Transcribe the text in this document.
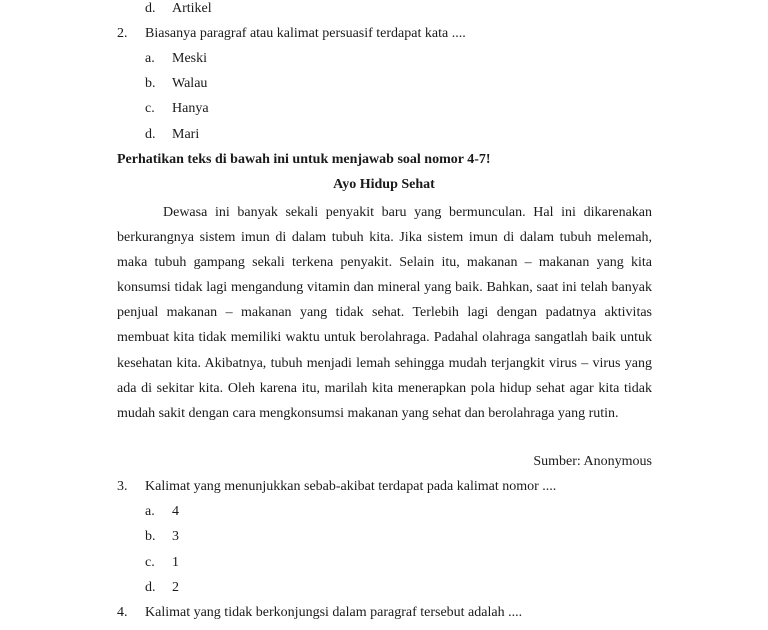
d. Artikel
2. Biasanya paragraf atau kalimat persuasif terdapat kata ....
a. Meski
b. Walau
c. Hanya
d. Mari
Perhatikan teks di bawah ini untuk menjawab soal nomor 4-7!
Ayo Hidup Sehat

Dewasa ini banyak sekali penyakit baru yang bermunculan. Hal ini dikarenakan berkurangnya sistem imun di dalam tubuh kita. Jika sistem imun di dalam tubuh melemah, maka tubuh gampang sekali terkena penyakit. Selain itu, makanan – makanan yang kita konsumsi tidak lagi mengandung vitamin dan mineral yang baik. Bahkan, saat ini telah banyak penjual makanan – makanan yang tidak sehat. Terlebih lagi dengan padatnya aktivitas membuat kita tidak memiliki waktu untuk berolahraga. Padahal olahraga sangatlah baik untuk kesehatan kita. Akibatnya, tubuh menjadi lemah sehingga mudah terjangkit virus – virus yang ada di sekitar kita. Oleh karena itu, marilah kita menerapkan pola hidup sehat agar kita tidak mudah sakit dengan cara mengkonsumsi makanan yang sehat dan berolahraga yang rutin.

Sumber: Anonymous
3. Kalimat yang menunjukkan sebab-akibat terdapat pada kalimat nomor ....
a. 4
b. 3
c. 1
d. 2
4. Kalimat yang tidak berkonjungsi dalam paragraf tersebut adalah ....
